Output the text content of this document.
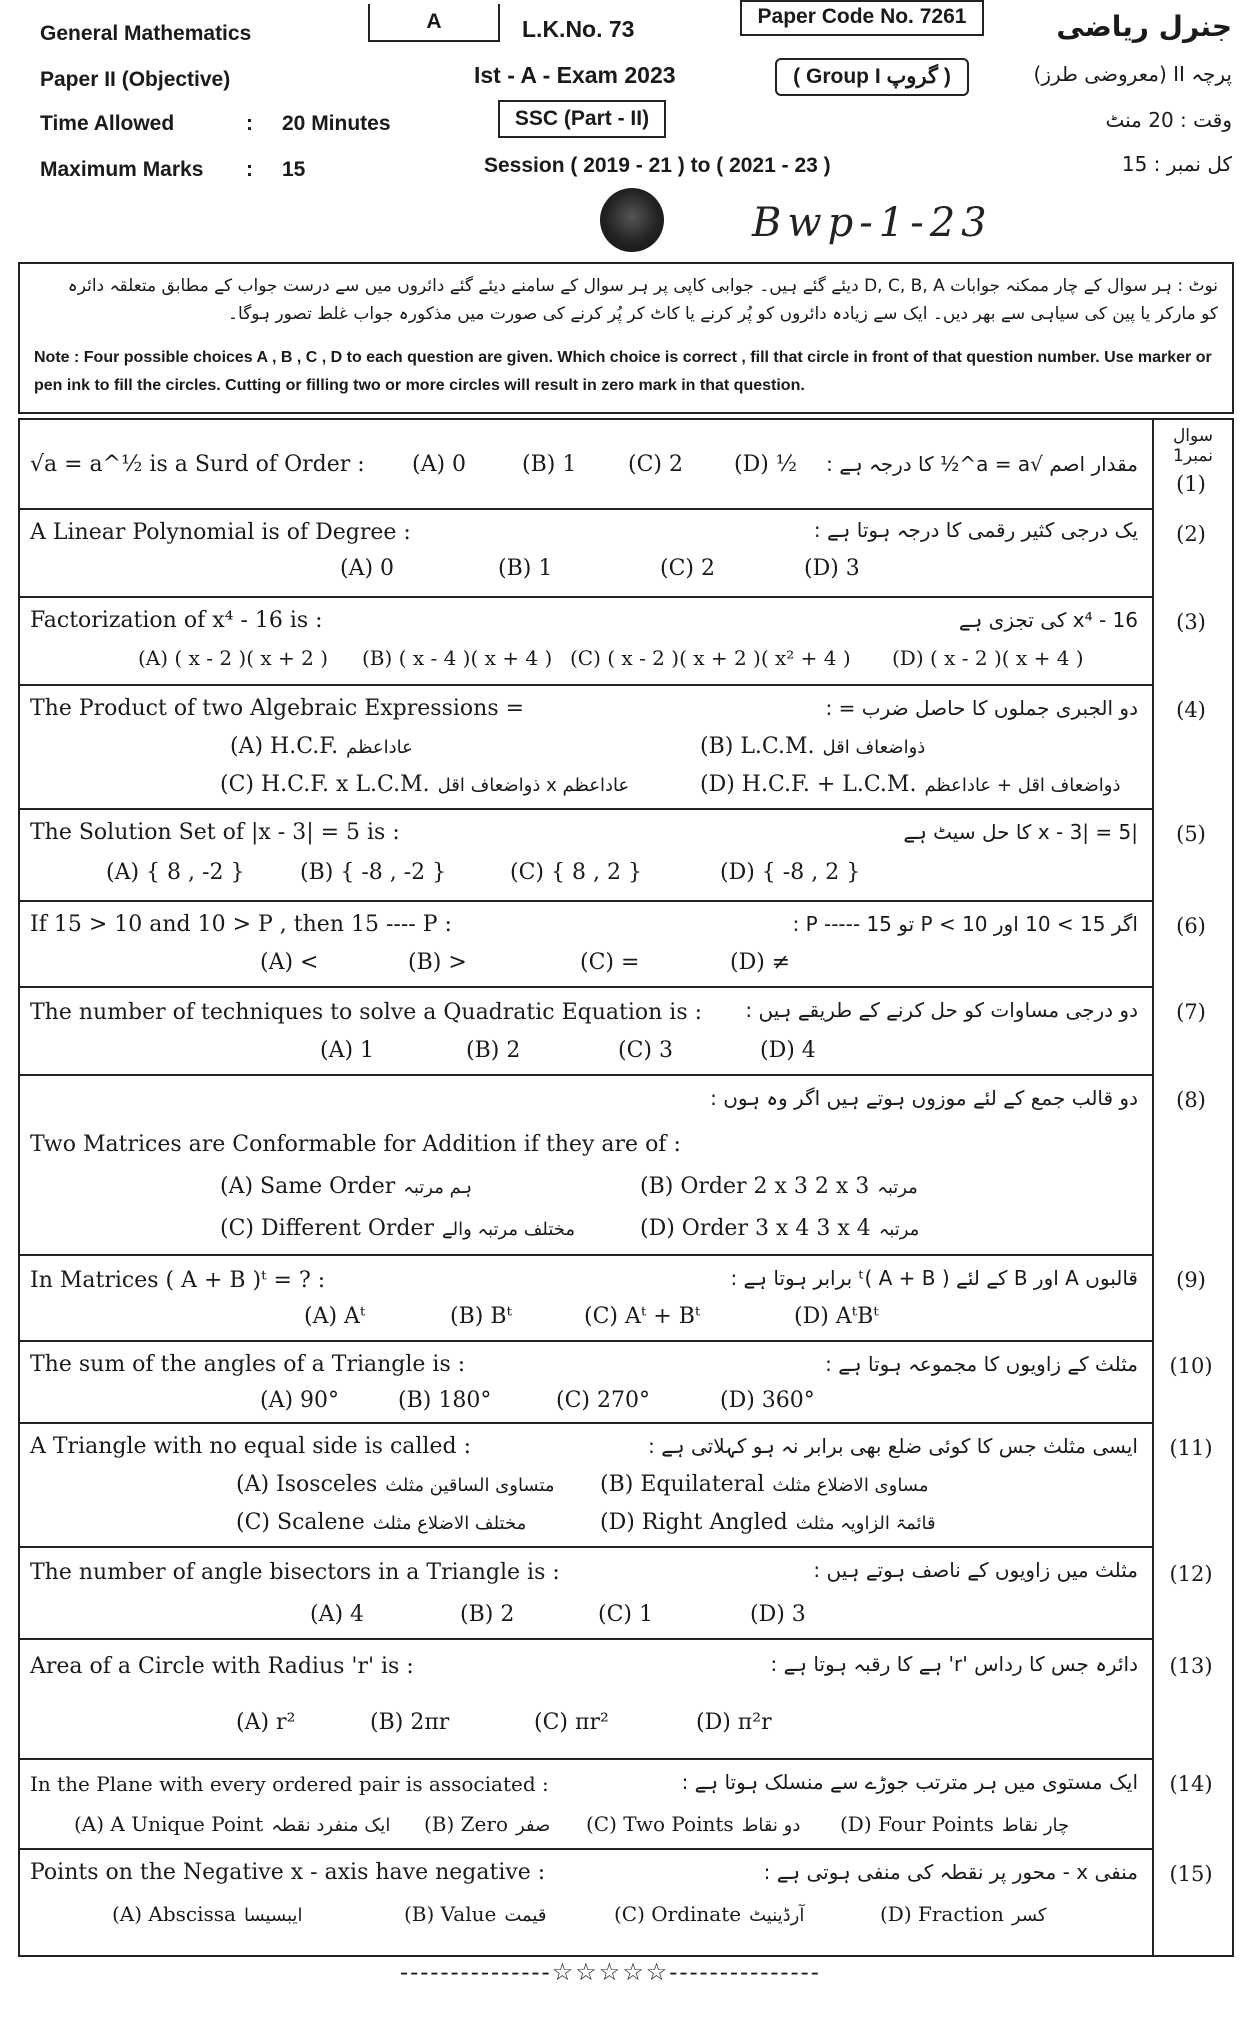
General Mathematics
Paper II (Objective)
Time Allowed	: 20 Minutes
Maximum Marks : 15
A	L.K.No. 73	Paper Code No. 7261
Ist - A - Exam 2023	( Group I گروپ )
SSC (Part - II)
Session ( 2019 - 21 ) to ( 2021 - 23 )
جنرل ریاضی
پرچہ II (معروضی طرز)
وقت : 20 منٹ
کل نمبر : 15
Bwp-1-23
نوٹ : ہر سوال کے چار ممکنہ جوابات D, C, B, A دیئے گئے ہیں۔ جوابی کاپی پر ہر سوال کے سامنے دیئے گئے دائروں میں سے درست جواب کے مطابق متعلقہ دائرہ کو مارکر یا پین کی سیاہی سے بھر دیں۔ ایک سے زیادہ دائروں کو پُر کرنے یا کاٹ کر پُر کرنے کی صورت میں مذکورہ جواب غلط تصور ہوگا۔
Note : Four possible choices A , B , C , D to each question are given. Which choice is correct , fill that circle in front of that question number. Use marker or pen ink to fill the circles. Cutting or filling two or more circles will result in zero mark in that question.
سوال نمبر1
(1)
√a = a^½ is a Surd of Order :	مقدار اصم √a = a^½ کا درجہ ہے :
(A) 0	(B) 1 (C) 2 (D) ½
(2)
A Linear Polynomial is of Degree :	یک درجی کثیر رقمی کا درجہ ہوتا ہے :
(A) 0	(B) 1	(C) 2	(D) 3
(3)
Factorization of x⁴ - 16 is :	x⁴ - 16 کی تجزی ہے
(A) ( x - 2 )( x + 2 ) (B) ( x - 4 )( x + 4 ) (C) ( x - 2 )( x + 2 )( x² + 4 ) (D) ( x - 2 )( x + 4 )
(4)
The Product of two Algebraic Expressions =	دو الجبری جملوں کا حاصل ضرب = :
(A) H.C.F. عاداعظم	(B) L.C.M. ذواضعاف اقل
(C) H.C.F. x L.C.M. ذواضعاف اقل x عاداعظم	(D) H.C.F. + L.C.M. ذواضعاف اقل + عاداعظم
(5)
The Solution Set of |x - 3| = 5 is :	|x - 3| = 5 کا حل سیٹ ہے
(A) { 8 , -2 }	(B) { -8 , -2 }	(C) { 8 , 2 }	(D) { -8 , 2 }
(6)
If 15 > 10 and 10 > P , then 15 ---- P :	اگر 15 > 10 اور 10 > P تو 15 ----- P :
(A) <	(B) >	(C) =	(D) ≠
(7)
The number of techniques to solve a Quadratic Equation is : دو درجی مساوات کو حل کرنے کے طریقے ہیں :
(A) 1	(B) 2	(C) 3	(D) 4
(8)
دو قالب جمع کے لئے موزوں ہوتے ہیں اگر وہ ہوں :
Two Matrices are Conformable for Addition if they are of :
(A) Same Order ہم مرتبہ	(B) Order 2 x 3 2 x 3 مرتبہ
(C) Different Order مختلف مرتبہ والے	(D) Order 3 x 4 3 x 4 مرتبہ
(9)
In Matrices ( A + B )ᵗ = ? :	قالبوں A اور B کے لئے ( A + B )ᵗ برابر ہوتا ہے :
(A) Aᵗ	(B) Bᵗ	(C) Aᵗ + Bᵗ	(D) AᵗBᵗ
(10)
The sum of the angles of a Triangle is :	مثلث کے زاویوں کا مجموعہ ہوتا ہے :
(A) 90°	(B) 180°	(C) 270°	(D) 360°
(11)
A Triangle with no equal side is called :	ایسی مثلث جس کا کوئی ضلع بھی برابر نہ ہو کہلاتی ہے :
(A) Isosceles متساوی الساقین مثلث (B) Equilateral مساوی الاضلاع مثلث
(C) Scalene مختلف الاضلاع مثلث	(D) Right Angled قائمۃ الزاویہ مثلث
(12)
The number of angle bisectors in a Triangle is :	مثلث میں زاویوں کے ناصف ہوتے ہیں :
(A) 4	(B) 2	(C) 1	(D) 3
(13)
Area of a Circle with Radius 'r' is :	دائرہ جس کا رداس 'r' ہے کا رقبہ ہوتا ہے :
(A) r²	(B) 2πr	(C) πr²	(D) π²r
(14)
In the Plane with every ordered pair is associated :	ایک مستوی میں ہر مترتب جوڑے سے منسلک ہوتا ہے :
(A) A Unique Point ایک منفرد نقطہ (B) Zero صفر (C) Two Points دو نقاط (D) Four Points چار نقاط
(15)
Points on the Negative x - axis have negative :	منفی x - محور پر نقطہ کی منفی ہوتی ہے :
(A) Abscissa ایبسیسا	(B) Value قیمت	(C) Ordinate آرڈینیٹ	(D) Fraction کسر
---------------☆☆☆☆☆---------------
